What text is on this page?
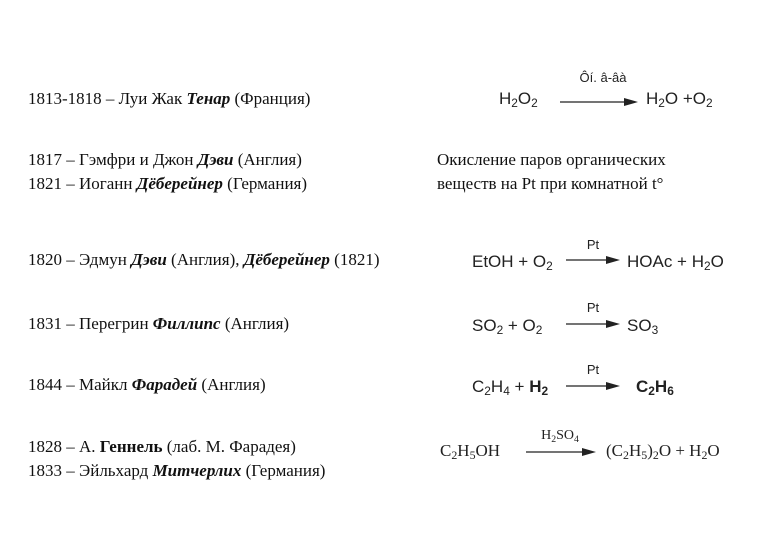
1813-1818 – Луи Жак Тенар (Франция)
1817 – Гэмфри и Джон Дэви (Англия)
1821 – Иоганн Дёберейнер (Германия)
1820 – Эдмун Дэви (Англия), Дёберейнер (1821)
1831 – Перегрин Филлипс (Англия)
1844 – Майкл Фарадей (Англия)
1828 – А. Геннель (лаб. М. Фарадея)
1833 – Эйльхард Митчерлих (Германия)
Окисление паров органических
веществ на Pt при комнатной t°
$H_2O_2$
Ôí. â-âà
$H_2O +O_2$
EtOH + $O_2$
Pt
→ HOAc + $H_2O$
$SO_2 + O_2$
Pt
→ $SO_3$
$C_2H_4 + H_2$
Pt
→ $C_2H_6$
$C_2H_5OH$
$H_2SO_4$
$(C_2H_5)_2O + H_2O$
